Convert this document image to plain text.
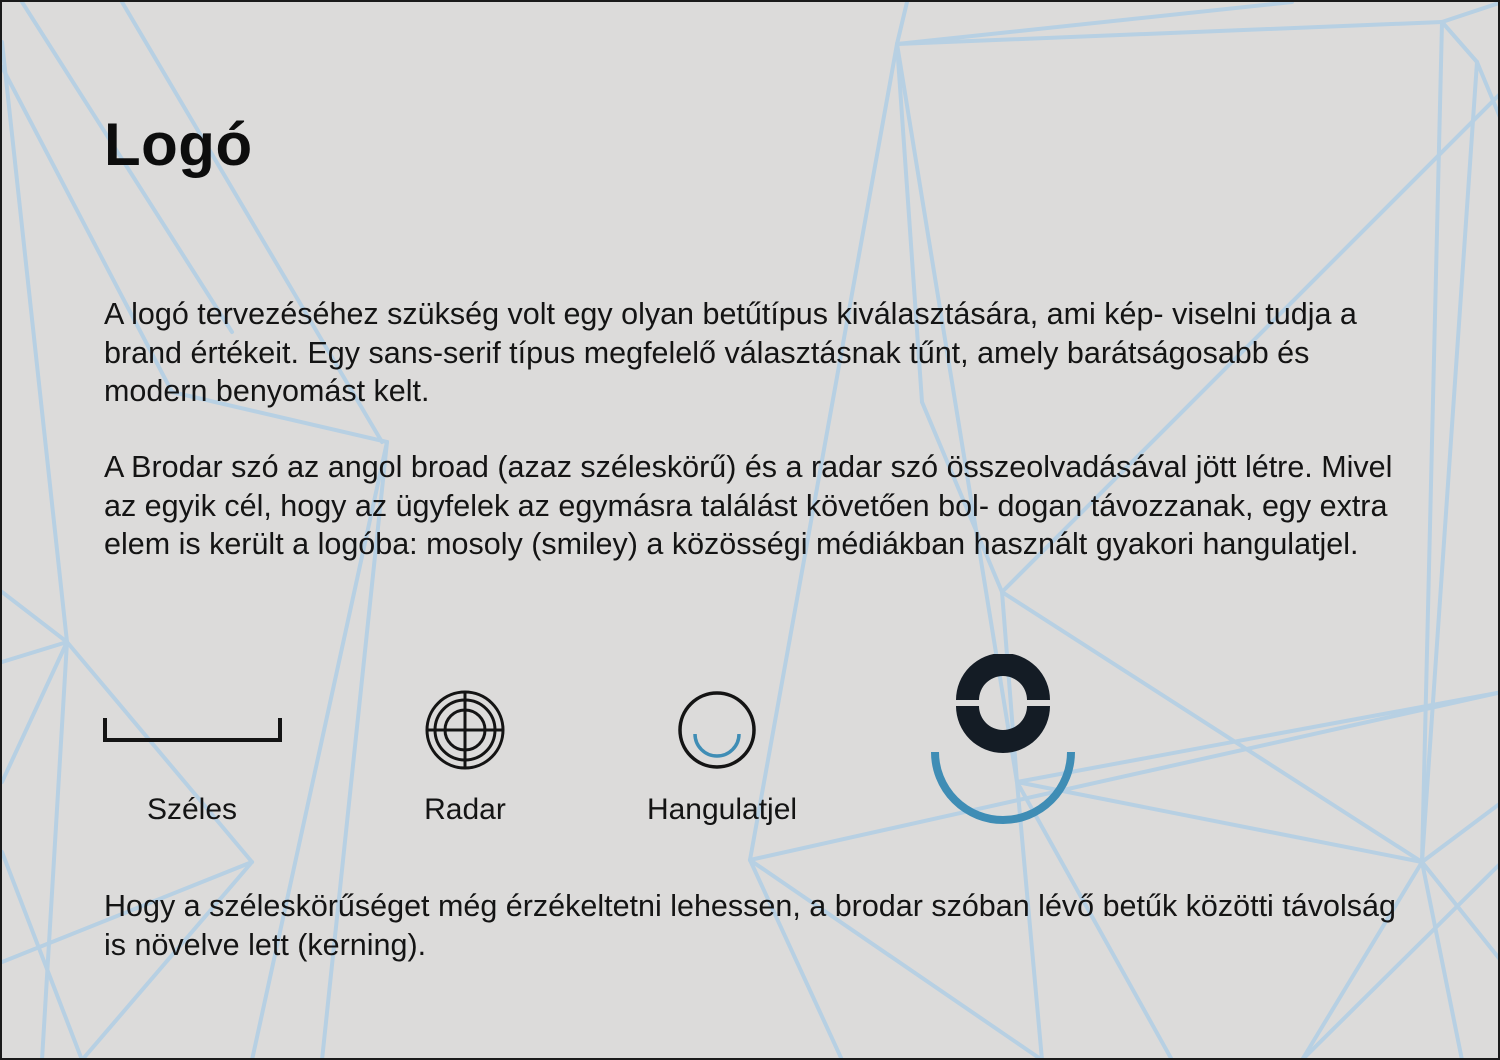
Logó

A logó tervezéséhez szükség volt egy olyan betűtípus kiválasztására, ami kép- viselni tudja a brand értékeit. Egy sans-serif típus megfelelő választásnak tűnt, amely barátságosabb és modern benyomást kelt.

A Brodar szó az angol broad (azaz széleskörű) és a radar szó összeolvadásával jött létre. Mivel az egyik cél, hogy az ügyfelek az egymásra találást követően bol- dogan távozzanak, egy extra elem is került a logóba: mosoly (smiley) a közösségi médiákban használt gyakori hangulatjel.

Széles	Radar	Hangulatjel

Hogy a széleskörűséget még érzékeltetni lehessen, a brodar szóban lévő betűk közötti távolság is növelve lett (kerning).
